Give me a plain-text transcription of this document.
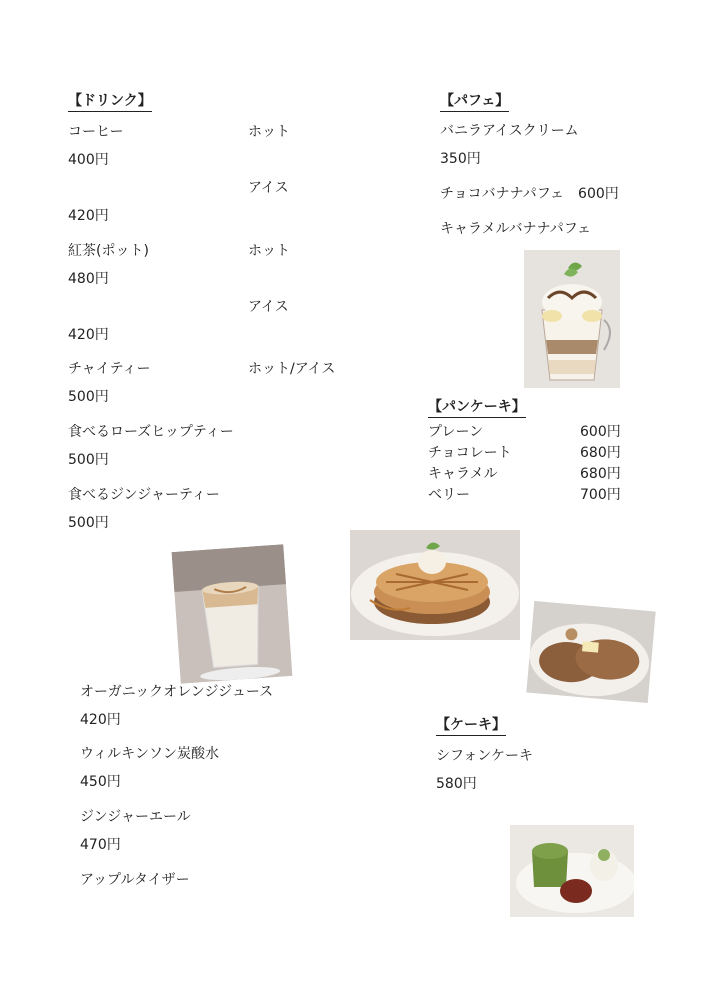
【ドリンク】
コーヒー	ホット
400円
アイス
420円
紅茶(ポット)	ホット
480円
アイス
420円
チャイティー	ホット/アイス
500円
食べるローズヒップティー
500円
食べるジンジャーティー
500円
オーガニックオレンジジュース
420円
ウィルキンソン炭酸水
450円
ジンジャーエール
470円
アップルタイザー
【パフェ】
バニラアイスクリーム
350円
チョコバナナパフェ　600円
キャラメルバナナパフェ
【パンケーキ】
プレーン	600円
チョコレート	680円
キャラメル	680円
ベリー	700円
【ケーキ】
シフォンケーキ
580円
